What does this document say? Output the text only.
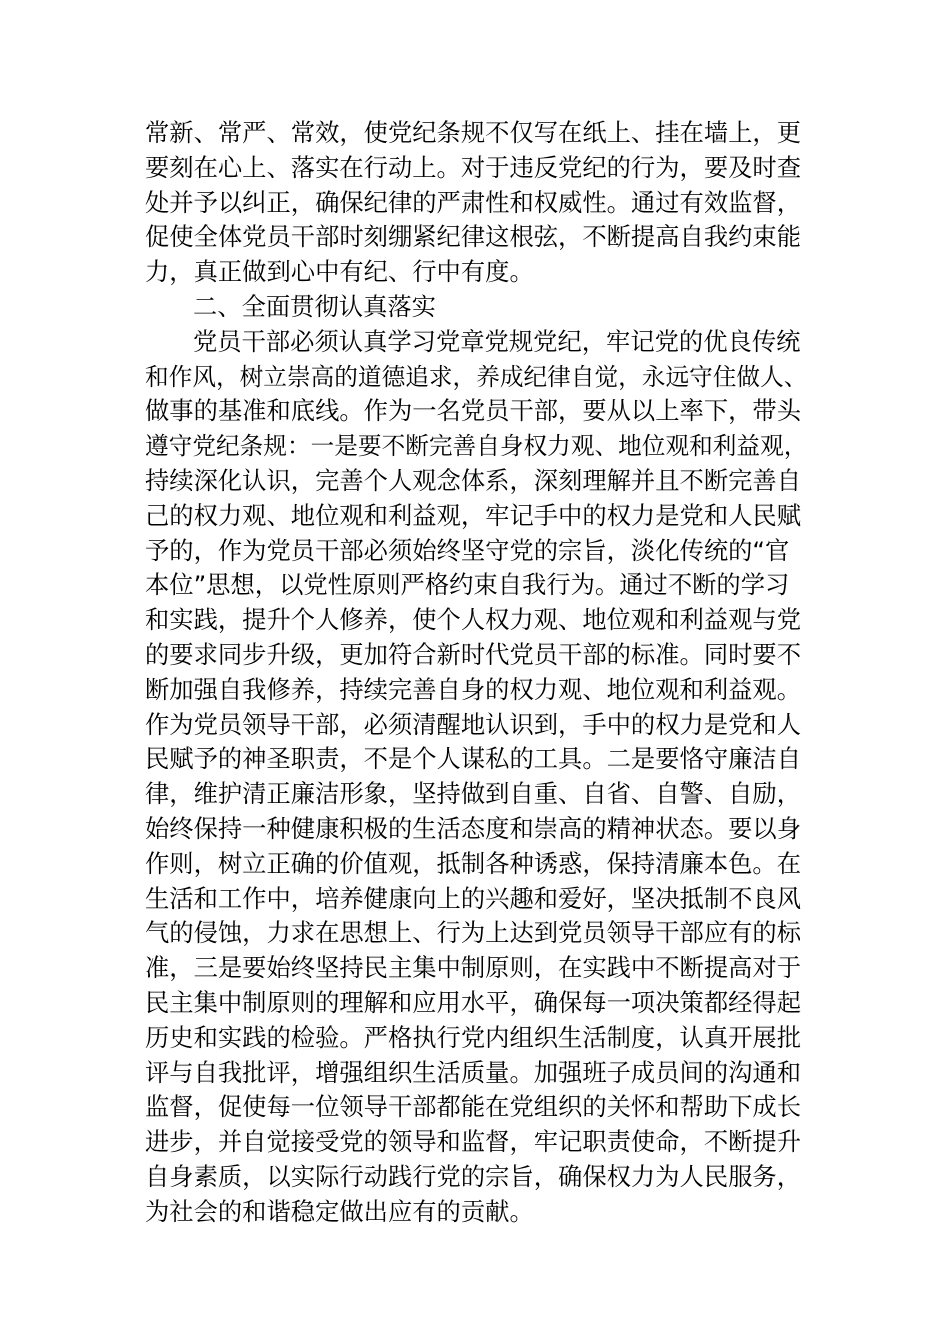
常新、常严、常效，使党纪条规不仅写在纸上、挂在墙上，更
要刻在心上、落实在行动上。对于违反党纪的行为，要及时查
处并予以纠正，确保纪律的严肃性和权威性。通过有效监督，
促使全体党员干部时刻绷紧纪律这根弦，不断提高自我约束能
力，真正做到心中有纪、行中有度。
二、全面贯彻认真落实
党员干部必须认真学习党章党规党纪，牢记党的优良传统
和作风，树立崇高的道德追求，养成纪律自觉，永远守住做人、
做事的基准和底线。作为一名党员干部，要从以上率下，带头
遵守党纪条规：一是要不断完善自身权力观、地位观和利益观，
持续深化认识，完善个人观念体系，深刻理解并且不断完善自
己的权力观、地位观和利益观，牢记手中的权力是党和人民赋
予的，作为党员干部必须始终坚守党的宗旨，淡化传统的“官
本位”思想，以党性原则严格约束自我行为。通过不断的学习
和实践，提升个人修养，使个人权力观、地位观和利益观与党
的要求同步升级，更加符合新时代党员干部的标准。同时要不
断加强自我修养，持续完善自身的权力观、地位观和利益观。
作为党员领导干部，必须清醒地认识到，手中的权力是党和人
民赋予的神圣职责，不是个人谋私的工具。二是要恪守廉洁自
律，维护清正廉洁形象，坚持做到自重、自省、自警、自励，
始终保持一种健康积极的生活态度和崇高的精神状态。要以身
作则，树立正确的价值观，抵制各种诱惑，保持清廉本色。在
生活和工作中，培养健康向上的兴趣和爱好，坚决抵制不良风
气的侵蚀，力求在思想上、行为上达到党员领导干部应有的标
准，三是要始终坚持民主集中制原则，在实践中不断提高对于
民主集中制原则的理解和应用水平，确保每一项决策都经得起
历史和实践的检验。严格执行党内组织生活制度，认真开展批
评与自我批评，增强组织生活质量。加强班子成员间的沟通和
监督，促使每一位领导干部都能在党组织的关怀和帮助下成长
进步，并自觉接受党的领导和监督，牢记职责使命，不断提升
自身素质，以实际行动践行党的宗旨，确保权力为人民服务，
为社会的和谐稳定做出应有的贡献。
